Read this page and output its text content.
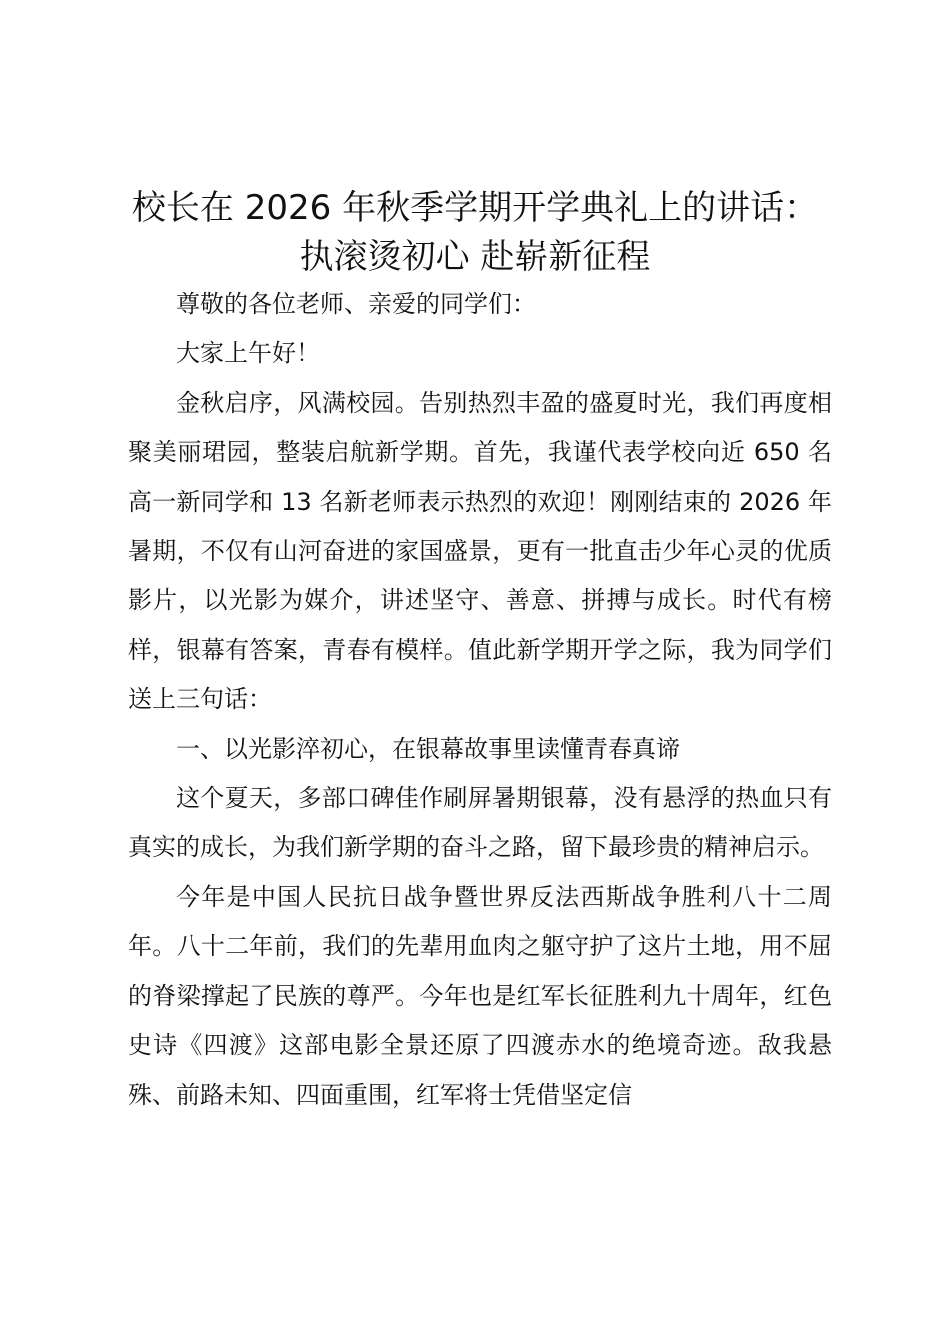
校长在 2026 年秋季学期开学典礼上的讲话：
执滚烫初心 赴崭新征程

尊敬的各位老师、亲爱的同学们：

大家上午好！

金秋启序，风满校园。告别热烈丰盈的盛夏时光，我们再度相聚美丽珺园，整装启航新学期。首先，我谨代表学校向近 650 名高一新同学和 13 名新老师表示热烈的欢迎！刚刚结束的 2026 年暑期，不仅有山河奋进的家国盛景，更有一批直击少年心灵的优质影片，以光影为媒介，讲述坚守、善意、拼搏与成长。时代有榜样，银幕有答案，青春有模样。值此新学期开学之际，我为同学们送上三句话：

一、以光影淬初心，在银幕故事里读懂青春真谛

这个夏天，多部口碑佳作刷屏暑期银幕，没有悬浮的热血只有真实的成长，为我们新学期的奋斗之路，留下最珍贵的精神启示。

今年是中国人民抗日战争暨世界反法西斯战争胜利八十二周年。八十二年前，我们的先辈用血肉之躯守护了这片土地，用不屈的脊梁撑起了民族的尊严。今年也是红军长征胜利九十周年，红色史诗《四渡》这部电影全景还原了四渡赤水的绝境奇迹。敌我悬殊、前路未知、四面重围，红军将士凭借坚定信
